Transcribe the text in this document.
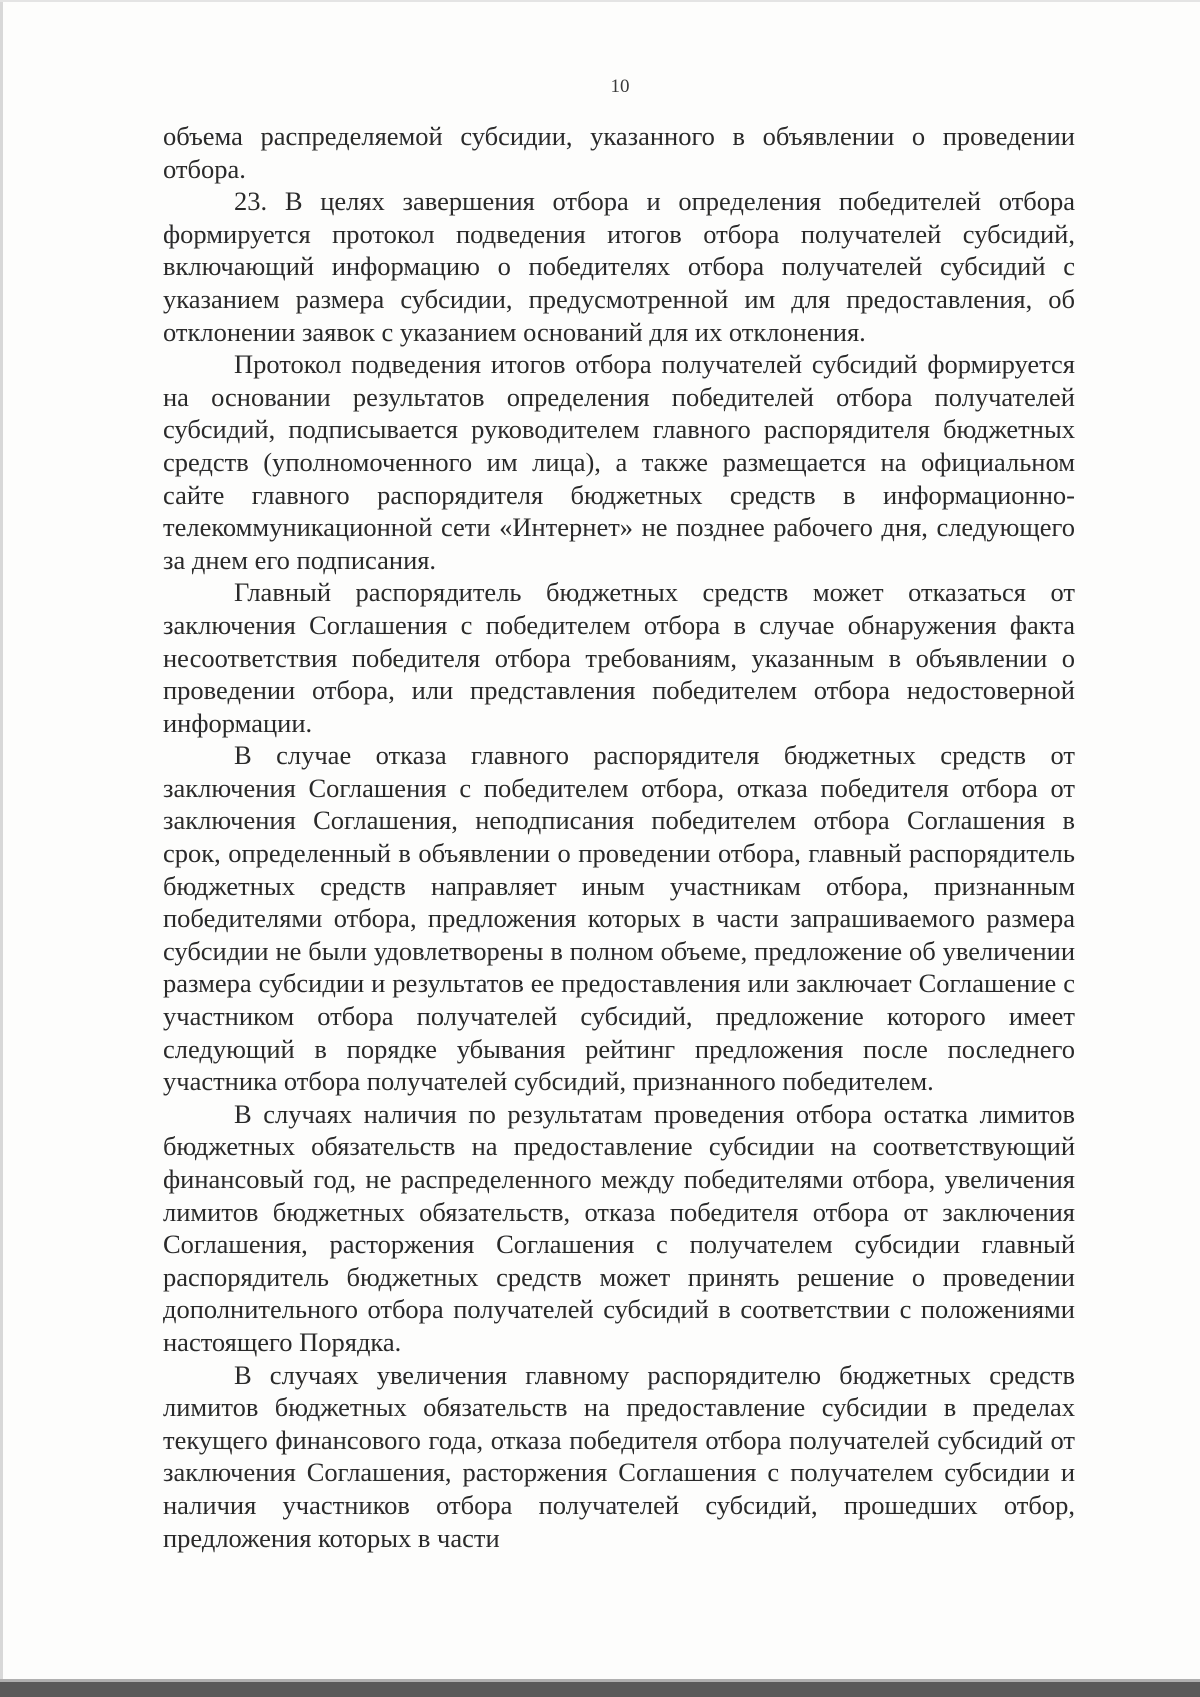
10

объема распределяемой субсидии, указанного в объявлении о проведении отбора.

23. В целях завершения отбора и определения победителей отбора формируется протокол подведения итогов отбора получателей субсидий, включающий информацию о победителях отбора получателей субсидий с указанием размера субсидии, предусмотренной им для предоставления, об отклонении заявок с указанием оснований для их отклонения.

Протокол подведения итогов отбора получателей субсидий формируется на основании результатов определения победителей отбора получателей субсидий, подписывается руководителем главного распорядителя бюджетных средств (уполномоченного им лица), а также размещается на официальном сайте главного распорядителя бюджетных средств в информационно-телекоммуникационной сети «Интернет» не позднее рабочего дня, следующего за днем его подписания.

Главный распорядитель бюджетных средств может отказаться от заключения Соглашения с победителем отбора в случае обнаружения факта несоответствия победителя отбора требованиям, указанным в объявлении о проведении отбора, или представления победителем отбора недостоверной информации.

В случае отказа главного распорядителя бюджетных средств от заключения Соглашения с победителем отбора, отказа победителя отбора от заключения Соглашения, неподписания победителем отбора Соглашения в срок, определенный в объявлении о проведении отбора, главный распорядитель бюджетных средств направляет иным участникам отбора, признанным победителями отбора, предложения которых в части запрашиваемого размера субсидии не были удовлетворены в полном объеме, предложение об увеличении размера субсидии и результатов ее предоставления или заключает Соглашение с участником отбора получателей субсидий, предложение которого имеет следующий в порядке убывания рейтинг предложения после последнего участника отбора получателей субсидий, признанного победителем.

В случаях наличия по результатам проведения отбора остатка лимитов бюджетных обязательств на предоставление субсидии на соответствующий финансовый год, не распределенного между победителями отбора, увеличения лимитов бюджетных обязательств, отказа победителя отбора от заключения Соглашения, расторжения Соглашения с получателем субсидии главный распорядитель бюджетных средств может принять решение о проведении дополнительного отбора получателей субсидий в соответствии с положениями настоящего Порядка.

В случаях увеличения главному распорядителю бюджетных средств лимитов бюджетных обязательств на предоставление субсидии в пределах текущего финансового года, отказа победителя отбора получателей субсидий от заключения Соглашения, расторжения Соглашения с получателем субсидии и наличия участников отбора получателей субсидий, прошедших отбор, предложения которых в части
